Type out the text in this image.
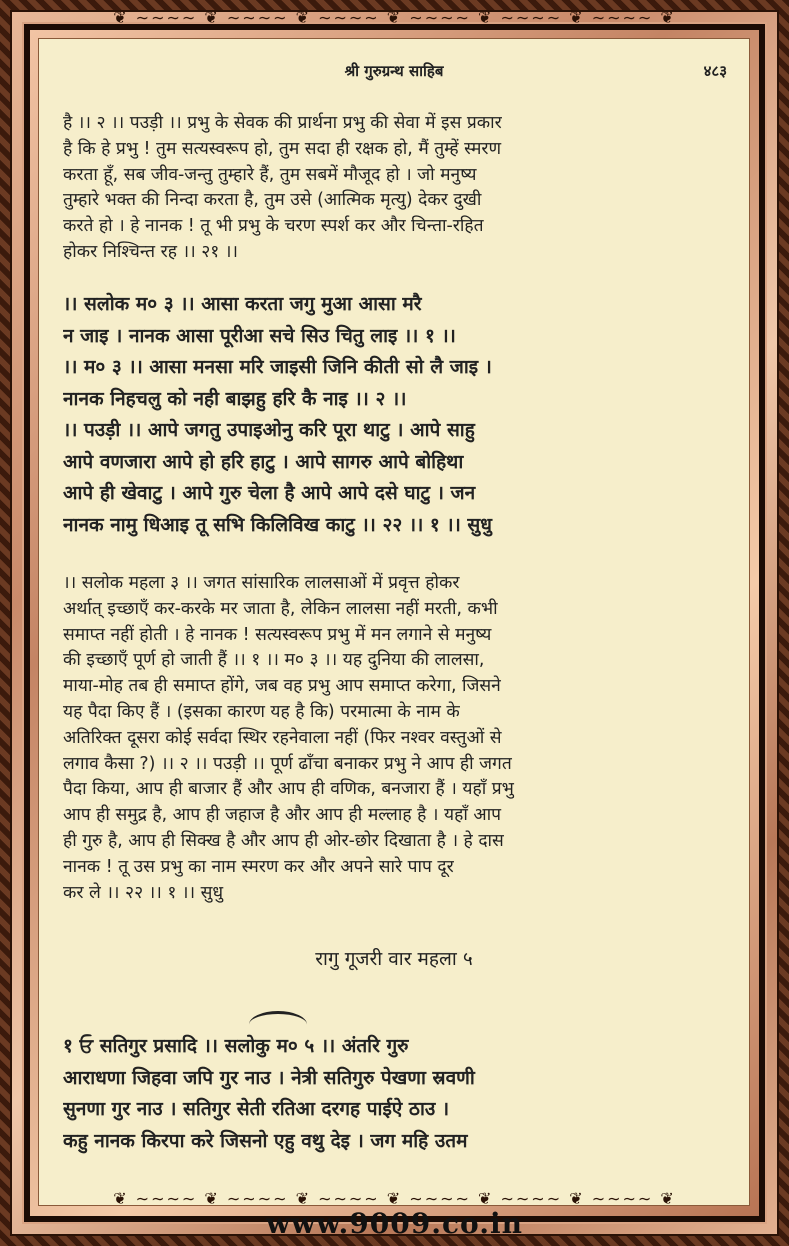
❦ ∼∼∼∼ ❦ ∼∼∼∼ ❦ ∼∼∼∼ ❦ ∼∼∼∼ ❦ ∼∼∼∼ ❦ ∼∼∼∼ ❦
श्री गुरुग्रन्थ साहिब	४८३
है ।। २ ।। पउड़ी ।। प्रभु के सेवक की प्रार्थना प्रभु की सेवा में इस प्रकार
है कि हे प्रभु ! तुम सत्यस्वरूप हो, तुम सदा ही रक्षक हो, मैं तुम्हें स्मरण
करता हूँ, सब जीव-जन्तु तुम्हारे हैं, तुम सबमें मौजूद हो । जो मनुष्य
तुम्हारे भक्त की निन्दा करता है, तुम उसे (आत्मिक मृत्यु) देकर दुखी
करते हो । हे नानक ! तू भी प्रभु के चरण स्पर्श कर और चिन्ता-रहित
होकर निश्चिन्त रह ।। २१ ।।
।। सलोक म० ३ ।। आसा करता जगु मुआ आसा मरै
न जाइ । नानक आसा पूरीआ सचे सिउ चितु लाइ ।। १ ।।
।। म० ३ ।। आसा मनसा मरि जाइसी जिनि कीती सो लै जाइ ।
नानक निहचलु को नही बाझहु हरि कै नाइ ।। २ ।।
।। पउड़ी ।। आपे जगतु उपाइओनु करि पूरा थाटु । आपे साहु
आपे वणजारा आपे हो हरि हाटु । आपे सागरु आपे बोहिथा
आपे ही खेवाटु । आपे गुरु चेला है आपे आपे दसे घाटु । जन
नानक नामु धिआइ तू सभि किलिविख काटु ।। २२ ।। १ ।। सुधु
।। सलोक महला ३ ।। जगत सांसारिक लालसाओं में प्रवृत्त होकर
अर्थात् इच्छाएँ कर-करके मर जाता है, लेकिन लालसा नहीं मरती, कभी
समाप्त नहीं होती । हे नानक ! सत्यस्वरूप प्रभु में मन लगाने से मनुष्य
की इच्छाएँ पूर्ण हो जाती हैं ।। १ ।। म० ३ ।। यह दुनिया की लालसा,
माया-मोह तब ही समाप्त होंगे, जब वह प्रभु आप समाप्त करेगा, जिसने
यह पैदा किए हैं । (इसका कारण यह है कि) परमात्मा के नाम के
अतिरिक्त दूसरा कोई सर्वदा स्थिर रहनेवाला नहीं (फिर नश्वर वस्तुओं से
लगाव कैसा ?) ।। २ ।। पउड़ी ।। पूर्ण ढाँचा बनाकर प्रभु ने आप ही जगत
पैदा किया, आप ही बाजार हैं और आप ही वणिक, बनजारा हैं । यहाँ प्रभु
आप ही समुद्र है, आप ही जहाज है और आप ही मल्लाह है । यहाँ आप
ही गुरु है, आप ही सिक्ख है और आप ही ओर-छोर दिखाता है । हे दास
नानक ! तू उस प्रभु का नाम स्मरण कर और अपने सारे पाप दूर
कर ले ।। २२ ।। १ ।। सुधु
रागु गूजरी वार महला ५
१ ਓ सतिगुर प्रसादि ।। सलोकु म० ५ ।। अंतरि गुरु
आराधणा जिहवा जपि गुर नाउ । नेत्री सतिगुरु पेखणा स्रवणी
सुनणा गुर नाउ । सतिगुर सेती रतिआ दरगह पाईऐ ठाउ ।
कहु नानक किरपा करे जिसनो एहु वथु देइ । जग महि उतम
❦ ∼∼∼∼ ❦ ∼∼∼∼ ❦ ∼∼∼∼ ❦ ∼∼∼∼ ❦ ∼∼∼∼ ❦ ∼∼∼∼ ❦
www.9009.co.in
